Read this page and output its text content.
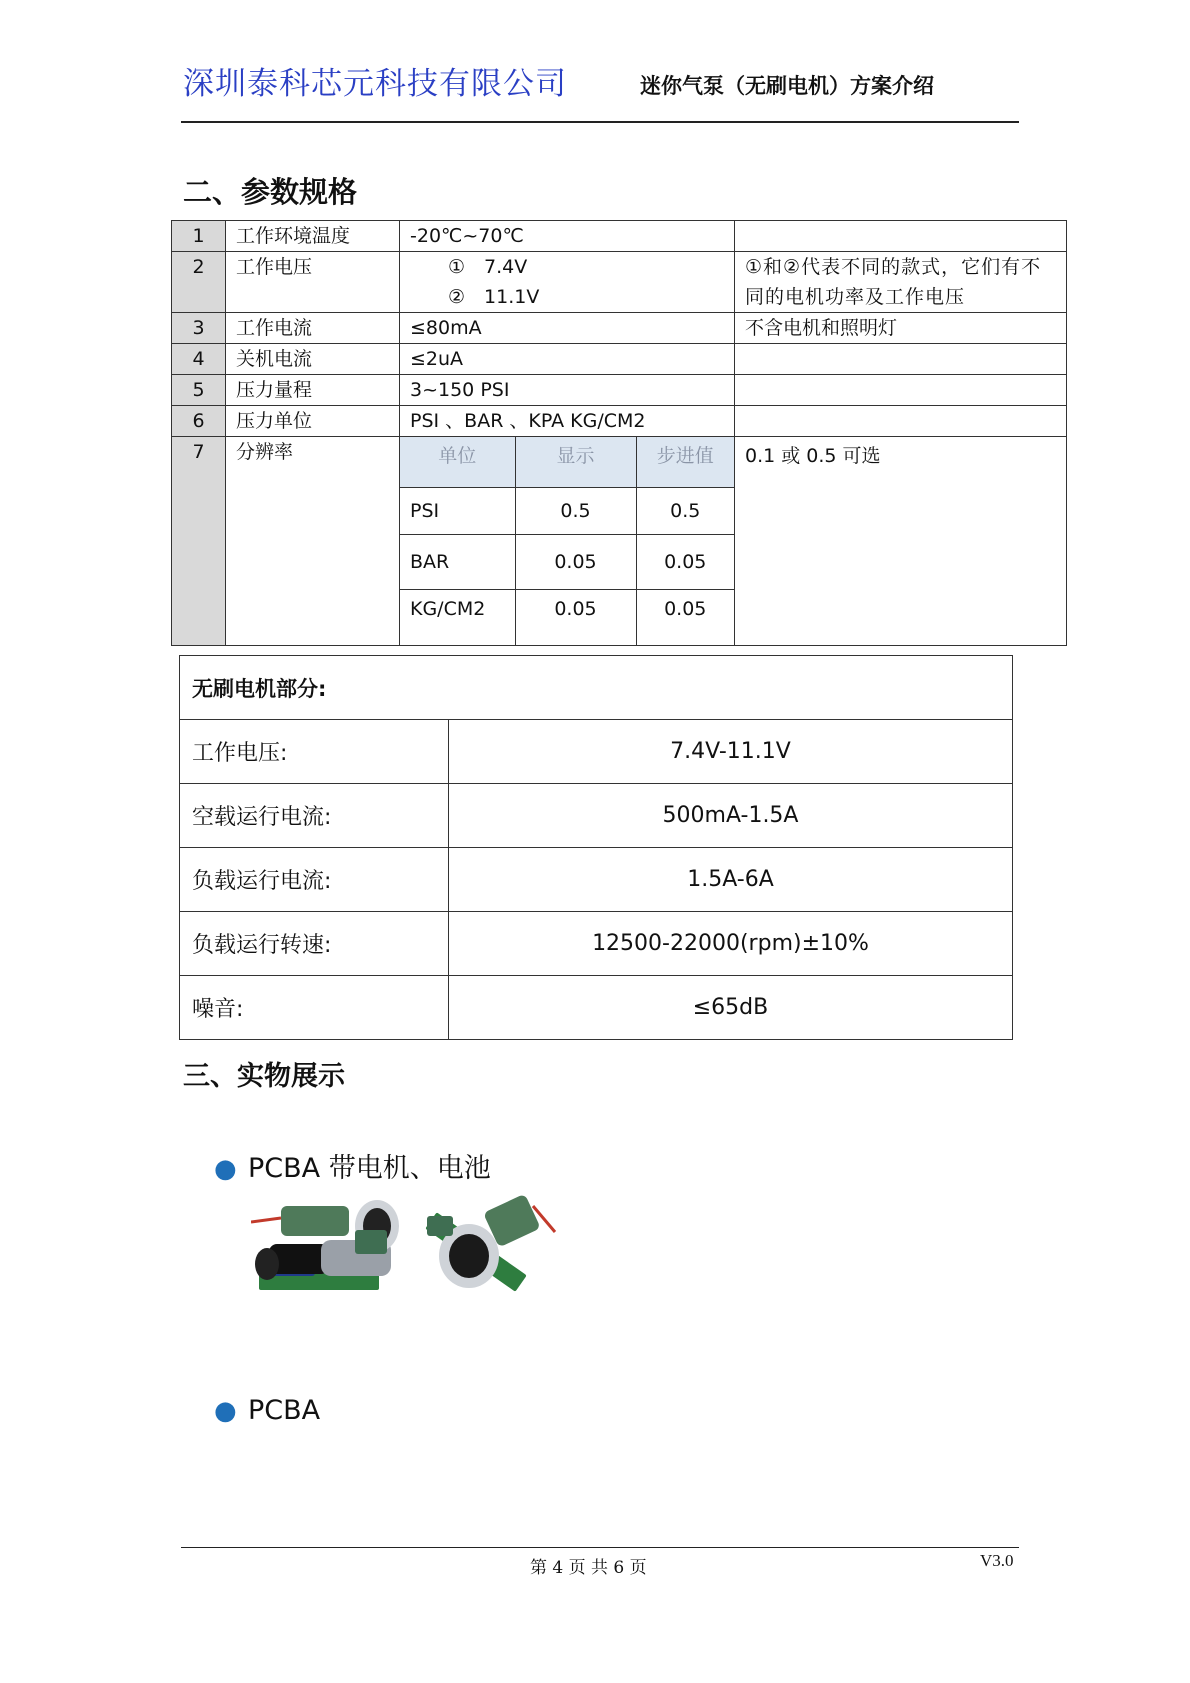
深圳泰科芯元科技有限公司	迷你气泵（无刷电机）方案介绍
二、参数规格
1	工作环境温度	-20℃~70℃	
2	工作电压	①　7.4V
②　11.1V
	①和②代表不同的款式，它们有不同的电机功率及工作电压
3	工作电流	≤80mA	不含电机和照明灯
4	关机电流	≤2uA	
5	压力量程	3~150 PSI	
6	压力单位	PSI 、BAR 、KPA KG/CM2	
7	分辨率		单位	显示	步进值
PSI	0.5	0.5
BAR	0.05	0.05
KG/CM2	0.05	0.05
	0.1 或 0.5 可选
无刷电机部分:	
工作电压:	7.4V-11.1V
空载运行电流:	500mA-1.5A
负载运行电流:	1.5A-6A
负载运行转速:	12500-22000(rpm)±10%
噪音:	≤65dB
三、实物展示
● PCBA 带电机、电池
● PCBA
第 4 页 共 6 页	V3.0
